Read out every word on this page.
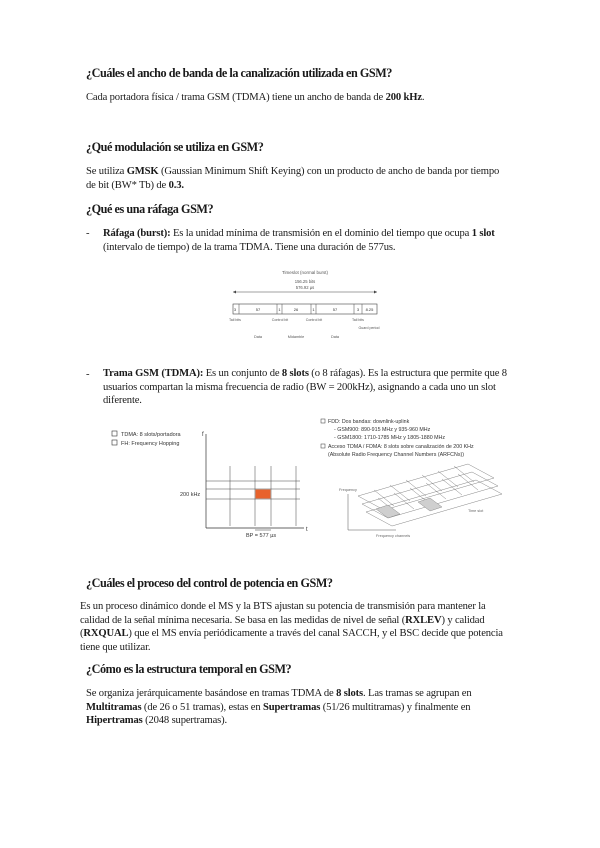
¿Cuáles el ancho de banda de la canalización utilizada en GSM?
Cada portadora física / trama GSM (TDMA) tiene un ancho de banda de 200 kHz.
¿Qué modulación se utiliza en GSM?
Se utiliza GMSK (Gaussian Minimum Shift Keying) con un producto de ancho de banda por tiempo de bit (BW* Tb) de 0.3.
¿Qué es una ráfaga GSM?
- Ráfaga (burst): Es la unidad mínima de transmisión en el dominio del tiempo que ocupa 1 slot (intervalo de tiempo) de la trama TDMA. Tiene una duración de 577us.
Timeslot (normal burst)
156.25 bits
576.92 µs
3	57	1	26	1	57	3 8.25
Tail bits	Control bit	Control bit	Tail bits
Guard period
Data	Midamble	Data
- Trama GSM (TDMA): Es un conjunto de 8 slots (o 8 ráfagas). Es la estructura que permite que 8 usuarios compartan la misma frecuencia de radio (BW = 200kHz), asignando a cada uno un slot diferente.
TDMA: 8 slots/portadora
FH: Frequency Hopping
f
t
200 kHz
BP = 577 µs
FDD: Dos bandas: downlink-uplink
- GSM900: 890-915 MHz y 935-960 MHz
- GSM1800: 1710-1785 MHz y 1805-1880 MHz
Acceso TDMA / FDMA: 8 slots sobre canalización de 200 KHz
(Absolute Radio Frequency Channel Numbers (ARFCNs))
Frequency
Time slot
Frequency channels
¿Cuáles el proceso del control de potencia en GSM?
Es un proceso dinámico donde el MS y la BTS ajustan su potencia de transmisión para mantener la calidad de la señal mínima necesaria. Se basa en las medidas de nivel de señal (RXLEV) y calidad (RXQUAL) que el MS envía periódicamente a través del canal SACCH, y el BSC decide que potencia tiene que utilizar.
¿Cómo es la estructura temporal en GSM?
Se organiza jerárquicamente basándose en tramas TDMA de 8 slots. Las tramas se agrupan en Multitramas (de 26 o 51 tramas), estas en Supertramas (51/26 multitramas) y finalmente en Hipertramas (2048 supertramas).
